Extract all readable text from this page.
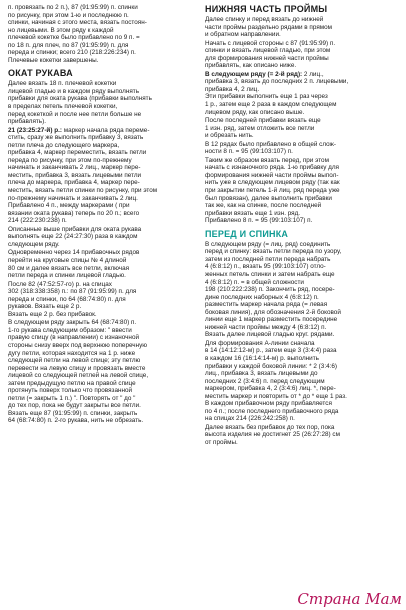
п. провязать по 2 п.), 87 (91:95:99) п. спинки
по рисунку, при этом 1-ю и последнюю п.
спинки, начиная с этого места, вязать постоян-
но лицевыми. В этом ряду к каждой
плечевой кокетке было прибавлено по 9 п. =
по 18 п. для плеч, по 87 (91:95:99) п. для
переда и спинки; всего 210 (218:226:234) п.
Плечевые кокетки завершены.

ОКАТ РУКАВА

Далее вязать 18 п. плечевой кокетки
лицевой гладью и в каждом ряду выполнять
прибавки для оката рукава (прибавки выполнять
в пределах петель плечевой кокетки,
перед кокеткой и после нее петли больше не
прибавлять).

21 (23:25:27-й) р.: маркер начала ряда переме-
стить, сразу же выполнить прибавку 3, вязать
петли плеча до следующего маркера,
прибавка 4, маркер переместить, вязать петли
переда по рисунку, при этом по-прежнему
начинать и заканчивать 2 лиц., маркер пере-
местить, прибавка 3, вязать лицевыми петли
плеча до маркера, прибавка 4, маркер пере-
местить, вязать петли спинки по рисунку, при этом
по-прежнему начинать и заканчивать 2 лиц.
Прибавлено 4 п., между маркерами ( при
вязании оката рукава) теперь по 20 п.; всего
214 (222:230:238) п.

Описанные выше прибавки для оката рукава
выполнять еще 22 (24:27:30) раза в каждом
следующем ряду.

Одновременно через 14 прибавочных рядов
перейти на круговые спицы № 4 длиной
80 см и далее вязать все петли, включая
петли переда и спинки лицевой гладью.

После 82 (47:52:57-го) р. на спицах
302 (318:338:358) п.: по 87 (91:95:99) п. для
переда и спинки, по 64 (68:74:80) п. для
рукавов. Вязать еще 2 р.
Вязать еще 2 р. без прибавок.

В следующем ряду закрыть 64 (68:74:80) п.
1-го рукава следующим образом: " ввести
правую спицу (в направлении) с изнаночной
стороны снизу вверх под верхнюю поперечную
дугу петли, которая находится на 1 р. ниже
следующей петли на левой спице; эту петлю
перевести на левую спицу и провязать вместе
лицевой со следующей петлей на левой спице,
затем предыдущую петлю на правой спице
протянуть поверх только что провязанной
петли (= закрыть 1 п.) ". Повторять от " до "
до тех пор, пока не будут закрыты все петли.
Вязать еще 87 (91:95:99) п. спинки, закрыть
64 (68:74:80) п. 2-го рукава, нить не обрезать.

НИЖНЯЯ ЧАСТЬ ПРОЙМЫ

Далее спинку и перед вязать до нижней
части проймы раздельно рядами в прямом
и обратном направлении.

Начать с лицевой стороны с 87 (91:95:99) п.
спинки и вязать лицевой гладью, при этом
для формирования нижней части проймы
прибавлять, как описано ниже.

В следующем ряду (= 2-й ряд): 2 лиц.,
прибавка 3, вязать до последних 2 п. лицевыми,
прибавка 4, 2 лиц.
Эти прибавки выполнить еще 1 раз через
1 р., затем еще 2 раза в каждом следующем
лицевом ряду, как описано выше.

После последней прибавки вязать еще
1 изн. ряд, затем отложить все петли
и обрезать нить.

В 12 рядах было прибавлено в общей слож-
ности 8 п. = 95 (99:103:107) п.

Таким же образом вязать перед, при этом
начать с изнаночного ряда. 1-ю прибавку для
формирования нижней части проймы выпол-
нить уже в следующем лицевом ряду (так как
при закрытии петель 1-й лиц. ряд переда уже
был провязан), далее выполнить прибавки
так же, как на спинке, после последней
прибавки вязать еще 1 изн. ряд.
Прибавлено 8 п. = 95 (99:103:107) п.

ПЕРЕД И СПИНКА

В следующем ряду (= лиц. ряд) соединить
перед и спинку: вязать петли переда по узору,
затем из последней петли переда набрать
4 (6:8:12) п., вязать 95 (99:103:107) отло-
женных петель спинки и затем набрать еще
4 (6:8:12) п. = в общей сложности
198 (210:222:238) п. Закончить ряд, посере-
дине последних наборных 4 (6:8:12) п.
разместить маркер начала ряда (= левая
боковая линия), для обозначения 2-й боковой
линии еще 1 маркер разместить посередине
нижней части проймы между 4 (6:8:12) п.
Вязать далее лицевой гладью круг. рядами.

Для формирования А-линии сначала
в 14 (14:12:12-м) р., затем еще 3 (3:4:4) раза
в каждом 16 (16:14:14-м) р. выполнить
прибавки у каждой боковой линии: * 2 (3:4:6)
лиц., прибавка 3, вязать лицевыми до
последних 2 (3:4:6) п. перед следующим
маркером, прибавка 4, 2 (3:4:6) лиц. *, пере-
местить маркер и повторить от * до * еще 1 раз.
В каждом прибавочном ряду прибавляется
по 4 п.; после последнего прибавочного ряда
на спицах 214 (226:242:258) п.

Далее вязать без прибавок до тех пор, пока
высота изделия не достигнет 25 (26:27:28) см
от проймы.

Страна Мам
